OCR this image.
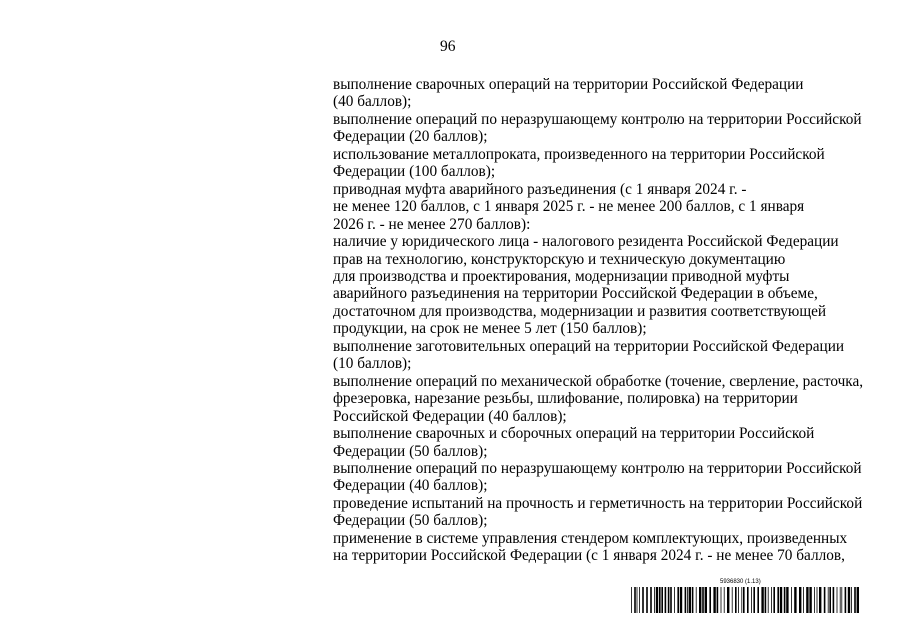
96
выполнение сварочных операций на территории Российской Федерации
(40 баллов);
выполнение операций по неразрушающему контролю на территории Российской
Федерации (20 баллов);
использование металлопроката, произведенного на территории Российской
Федерации (100 баллов);
приводная муфта аварийного разъединения (с 1 января 2024 г. -
не менее 120 баллов, с 1 января 2025 г. - не менее 200 баллов, с 1 января
2026 г. - не менее 270 баллов):
наличие у юридического лица - налогового резидента Российской Федерации
прав на технологию, конструкторскую и техническую документацию
для производства и проектирования, модернизации приводной муфты
аварийного разъединения на территории Российской Федерации в объеме,
достаточном для производства, модернизации и развития соответствующей
продукции, на срок не менее 5 лет (150 баллов);
выполнение заготовительных операций на территории Российской Федерации
(10 баллов);
выполнение операций по механической обработке (точение, сверление, расточка,
фрезеровка, нарезание резьбы, шлифование, полировка) на территории
Российской Федерации (40 баллов);
выполнение сварочных и сборочных операций на территории Российской
Федерации (50 баллов);
выполнение операций по неразрушающему контролю на территории Российской
Федерации (40 баллов);
проведение испытаний на прочность и герметичность на территории Российской
Федерации (50 баллов);
применение в системе управления стендером комплектующих, произведенных
на территории Российской Федерации (с 1 января 2024 г. - не менее 70 баллов,
5936830 (1.13)
